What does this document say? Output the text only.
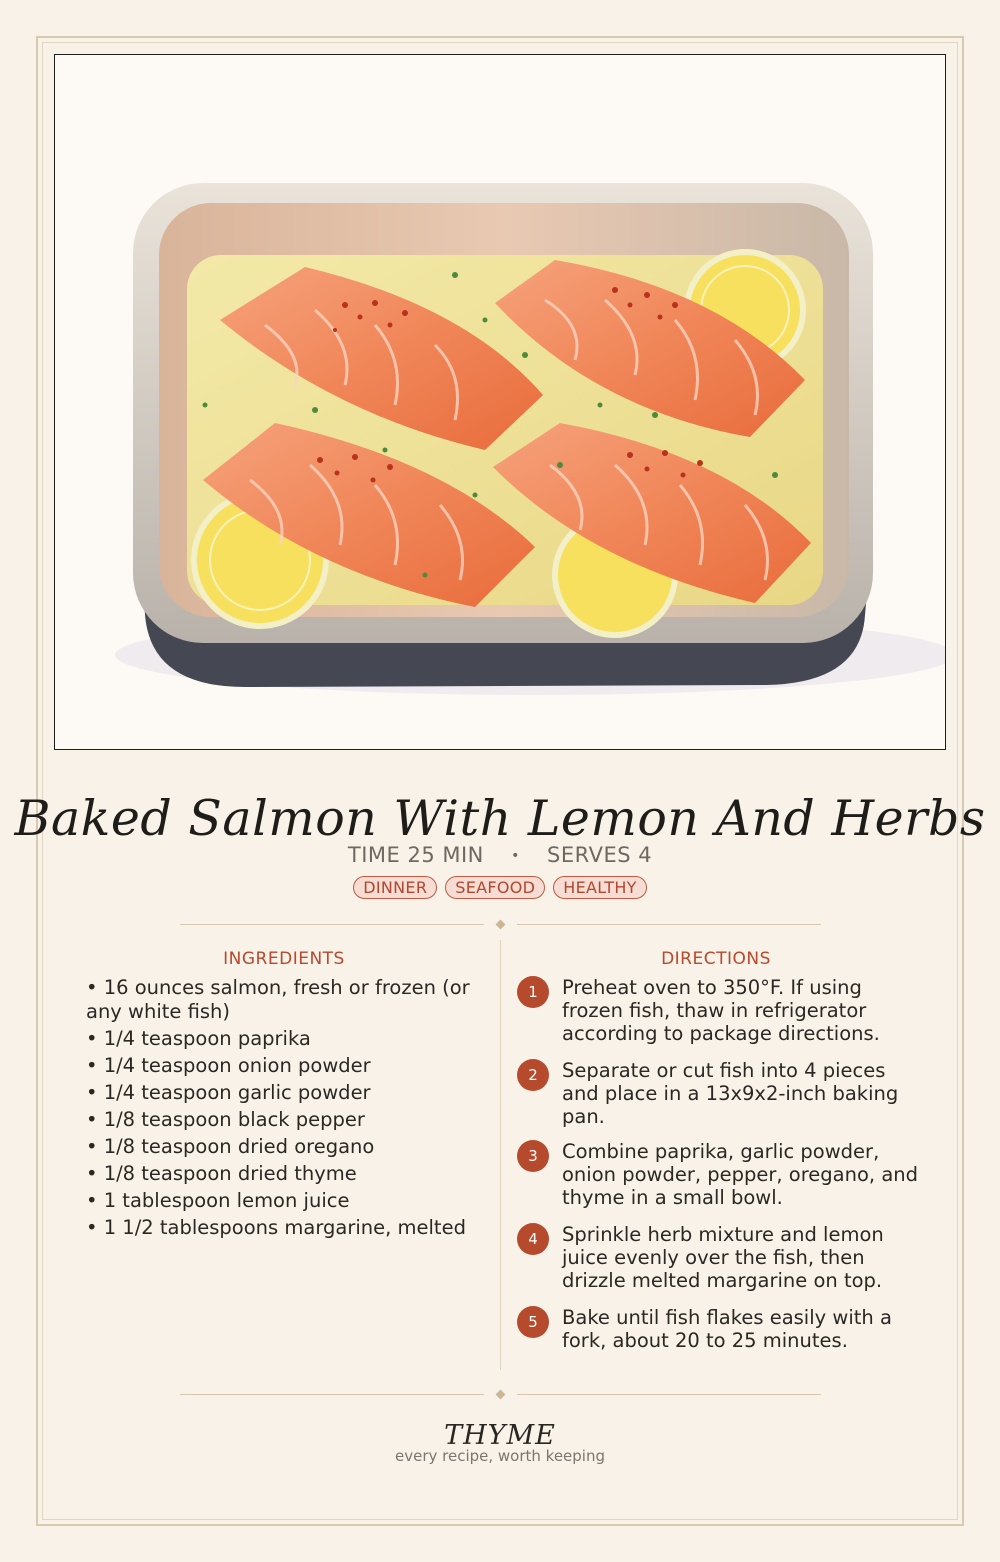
Baked Salmon With Lemon And Herbs
TIME 25 MIN • SERVES 4
DINNER SEAFOOD HEALTHY
INGREDIENTS	DIRECTIONS
• 16 ounces salmon, fresh or frozen (or any white fish)
• 1/4 teaspoon paprika
• 1/4 teaspoon onion powder
• 1/4 teaspoon garlic powder
• 1/8 teaspoon black pepper
• 1/8 teaspoon dried oregano
• 1/8 teaspoon dried thyme
• 1 tablespoon lemon juice
• 1 1/2 tablespoons margarine, melted
1	Preheat oven to 350°F. If using frozen fish, thaw in refrigerator according to package directions.
2	Separate or cut fish into 4 pieces and place in a 13x9x2-inch baking pan.
3	Combine paprika, garlic powder, onion powder, pepper, oregano, and thyme in a small bowl.
4	Sprinkle herb mixture and lemon juice evenly over the fish, then drizzle melted margarine on top.
5	Bake until fish flakes easily with a fork, about 20 to 25 minutes.
THYME
every recipe, worth keeping
